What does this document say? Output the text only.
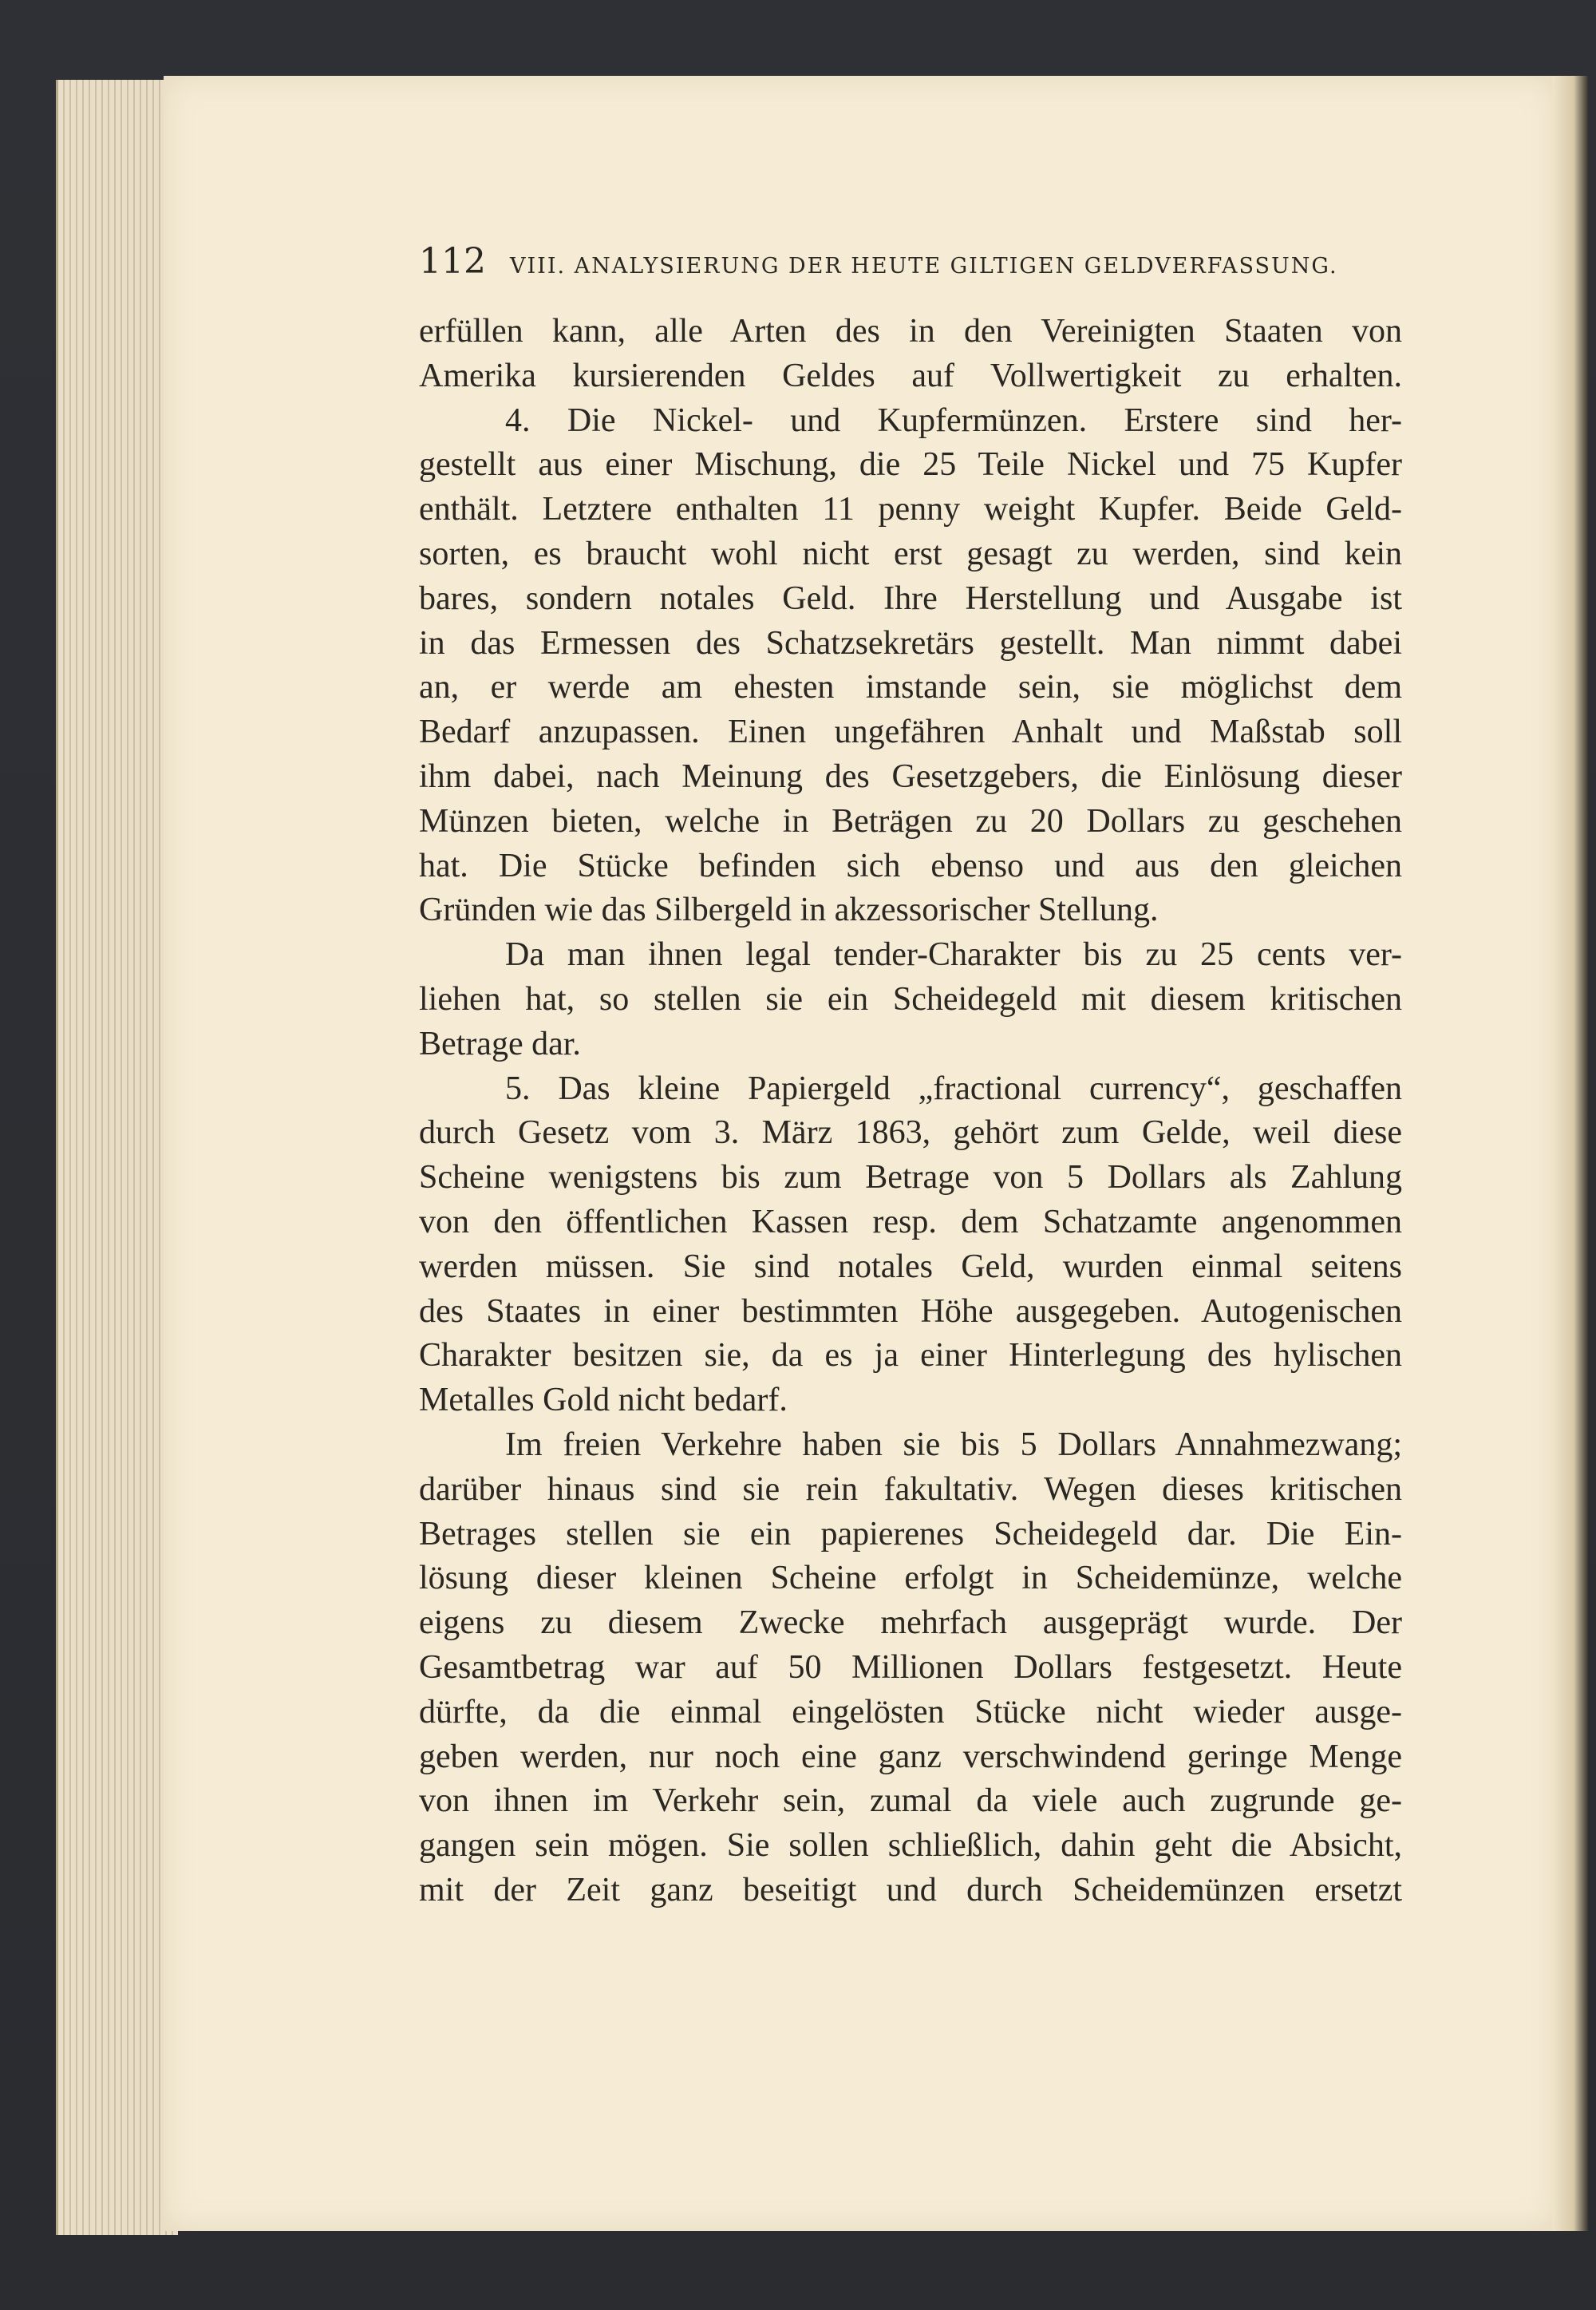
112 VIII. ANALYSIERUNG DER HEUTE GILTIGEN GELDVERFASSUNG.
erfüllen kann, alle Arten des in den Vereinigten Staaten von
Amerika kursierenden Geldes auf Vollwertigkeit zu erhalten.
4. Die Nickel- und Kupfermünzen. Erstere sind her-
gestellt aus einer Mischung, die 25 Teile Nickel und 75 Kupfer
enthält. Letztere enthalten 11 penny weight Kupfer. Beide Geld-
sorten, es braucht wohl nicht erst gesagt zu werden, sind kein
bares, sondern notales Geld. Ihre Herstellung und Ausgabe ist
in das Ermessen des Schatzsekretärs gestellt. Man nimmt dabei
an, er werde am ehesten imstande sein, sie möglichst dem
Bedarf anzupassen. Einen ungefähren Anhalt und Maßstab soll
ihm dabei, nach Meinung des Gesetzgebers, die Einlösung dieser
Münzen bieten, welche in Beträgen zu 20 Dollars zu geschehen
hat. Die Stücke befinden sich ebenso und aus den gleichen
Gründen wie das Silbergeld in akzessorischer Stellung.
Da man ihnen legal tender-Charakter bis zu 25 cents ver-
liehen hat, so stellen sie ein Scheidegeld mit diesem kritischen
Betrage dar.
5. Das kleine Papiergeld „fractional currency“, geschaffen
durch Gesetz vom 3. März 1863, gehört zum Gelde, weil diese
Scheine wenigstens bis zum Betrage von 5 Dollars als Zahlung
von den öffentlichen Kassen resp. dem Schatzamte angenommen
werden müssen. Sie sind notales Geld, wurden einmal seitens
des Staates in einer bestimmten Höhe ausgegeben. Autogenischen
Charakter besitzen sie, da es ja einer Hinterlegung des hylischen
Metalles Gold nicht bedarf.
Im freien Verkehre haben sie bis 5 Dollars Annahmezwang;
darüber hinaus sind sie rein fakultativ. Wegen dieses kritischen
Betrages stellen sie ein papierenes Scheidegeld dar. Die Ein-
lösung dieser kleinen Scheine erfolgt in Scheidemünze, welche
eigens zu diesem Zwecke mehrfach ausgeprägt wurde. Der
Gesamtbetrag war auf 50 Millionen Dollars festgesetzt. Heute
dürfte, da die einmal eingelösten Stücke nicht wieder ausge-
geben werden, nur noch eine ganz verschwindend geringe Menge
von ihnen im Verkehr sein, zumal da viele auch zugrunde ge-
gangen sein mögen. Sie sollen schließlich, dahin geht die Absicht,
mit der Zeit ganz beseitigt und durch Scheidemünzen ersetzt
